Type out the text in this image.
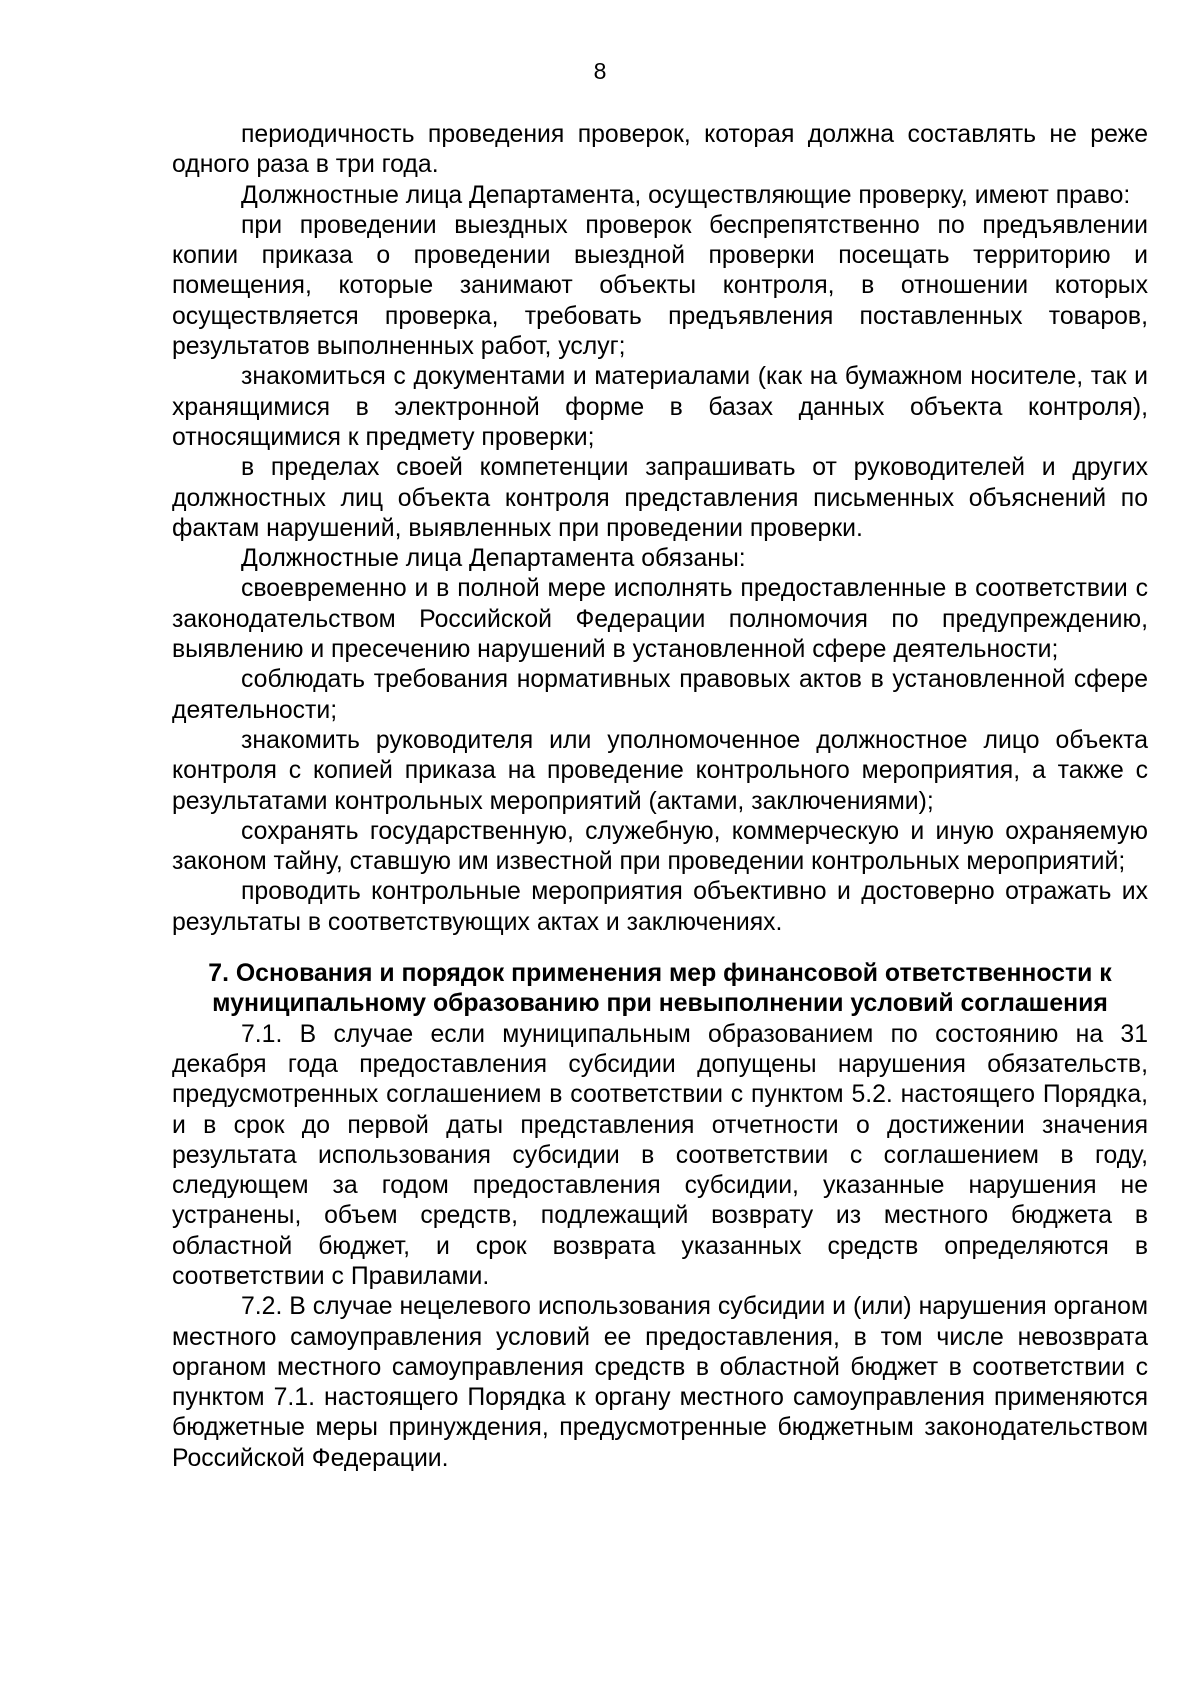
8

периодичность проведения проверок, которая должна составлять не реже одного раза в три года.

Должностные лица Департамента, осуществляющие проверку, имеют право:

при проведении выездных проверок беспрепятственно по предъявлении копии приказа о проведении выездной проверки посещать территорию и помещения, которые занимают объекты контроля, в отношении которых осуществляется проверка, требовать предъявления поставленных товаров, результатов выполненных работ, услуг;

знакомиться с документами и материалами (как на бумажном носителе, так и хранящимися в электронной форме в базах данных объекта контроля), относящимися к предмету проверки;

в пределах своей компетенции запрашивать от руководителей и других должностных лиц объекта контроля представления письменных объяснений по фактам нарушений, выявленных при проведении проверки.

Должностные лица Департамента обязаны:

своевременно и в полной мере исполнять предоставленные в соответствии с законодательством Российской Федерации полномочия по предупреждению, выявлению и пресечению нарушений в установленной сфере деятельности;

соблюдать требования нормативных правовых актов в установленной сфере деятельности;

знакомить руководителя или уполномоченное должностное лицо объекта контроля с копией приказа на проведение контрольного мероприятия, а также с результатами контрольных мероприятий (актами, заключениями);

сохранять государственную, служебную, коммерческую и иную охраняемую законом тайну, ставшую им известной при проведении контрольных мероприятий;

проводить контрольные мероприятия объективно и достоверно отражать их результаты в соответствующих актах и заключениях.

7. Основания и порядок применения мер финансовой ответственности к муниципальному образованию при невыполнении условий соглашения

7.1. В случае если муниципальным образованием по состоянию на 31 декабря года предоставления субсидии допущены нарушения обязательств, предусмотренных соглашением в соответствии с пунктом 5.2. настоящего Порядка, и в срок до первой даты представления отчетности о достижении значения результата использования субсидии в соответствии с соглашением в году, следующем за годом предоставления субсидии, указанные нарушения не устранены, объем средств, подлежащий возврату из местного бюджета в областной бюджет, и срок возврата указанных средств определяются в соответствии с Правилами.

7.2. В случае нецелевого использования субсидии и (или) нарушения органом местного самоуправления условий ее предоставления, в том числе невозврата органом местного самоуправления средств в областной бюджет в соответствии с пунктом 7.1. настоящего Порядка к органу местного самоуправления применяются бюджетные меры принуждения, предусмотренные бюджетным законодательством Российской Федерации.
